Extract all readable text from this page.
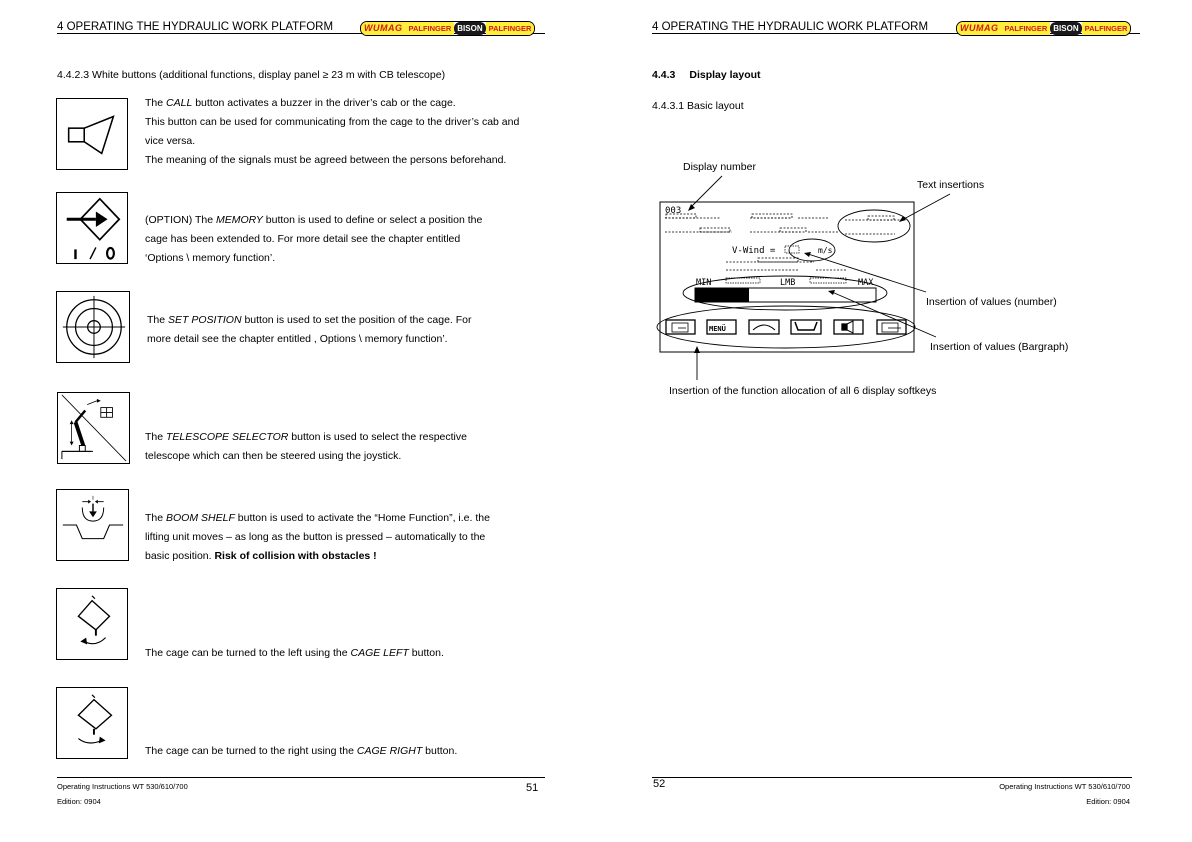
4 OPERATING THE HYDRAULIC WORK PLATFORM	WUMAG PALFINGER BISON PALFINGER
4.4.2.3 White buttons (additional functions, display panel ≥ 23 m with CB telescope)
The CALL button activates a buzzer in the driver’s cab or the cage.
This button can be used for communicating from the cage to the driver’s cab and
vice versa.
The meaning of the signals must be agreed between the persons beforehand.
(OPTION) The MEMORY button is used to define or select a position the
cage has been extended to. For more detail see the chapter entitled
‘Options \ memory function’.
The SET POSITION button is used to set the position of the cage. For
more detail see the chapter entitled , Options \ memory function’.
The TELESCOPE SELECTOR button is used to select the respective
telescope which can then be steered using the joystick.
The BOOM SHELF button is used to activate the “Home Function”, i.e. the
lifting unit moves – as long as the button is pressed – automatically to the
basic position. Risk of collision with obstacles !
The cage can be turned to the left using the CAGE LEFT button.
The cage can be turned to the right using the CAGE RIGHT button.
Operating Instructions WT 530/610/700
Edition: 0904
51
4 OPERATING THE HYDRAULIC WORK PLATFORM	WUMAG PALFINGER BISON PALFINGER
4.4.3 Display layout
4.4.3.1 Basic layout
003
V-Wind =	m/s
MIN	LMB	MAX
MENÜ
Display number
Text insertions
Insertion of values (number)
Insertion of values (Bargraph)
Insertion of the function allocation of all 6 display softkeys
52	Operating Instructions WT 530/610/700
Edition: 0904
